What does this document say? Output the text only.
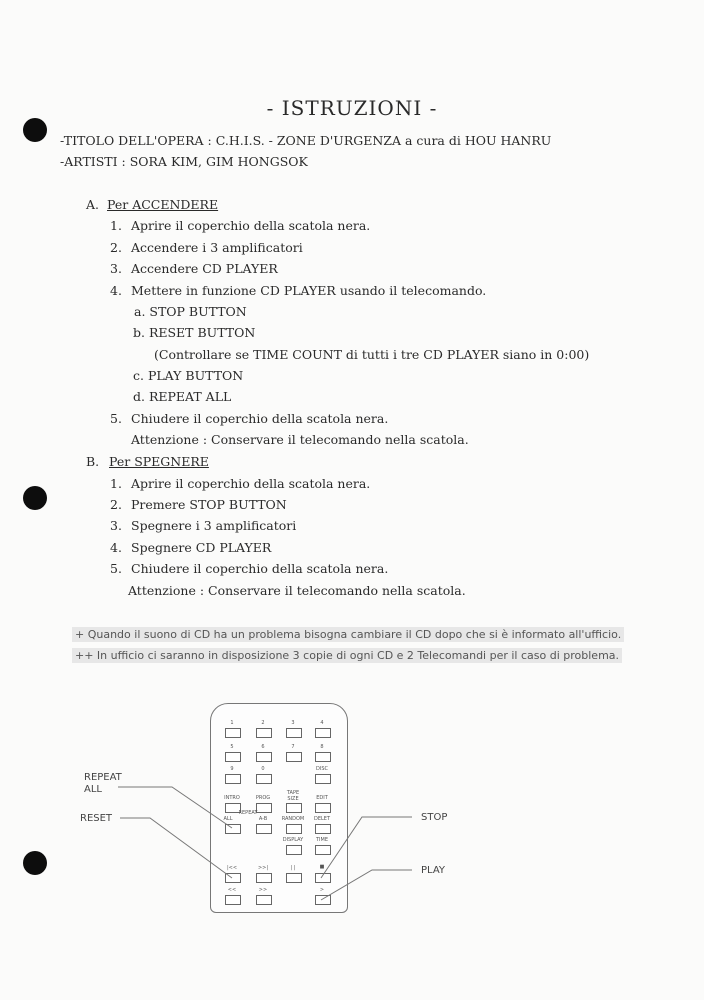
- ISTRUZIONI -
-TITOLO DELL'OPERA : C.H.I.S. - ZONE D'URGENZA a cura di HOU HANRU
-ARTISTI : SORA KIM, GIM HONGSOK
A. Per ACCENDERE
1. Aprire il coperchio della scatola nera.
2. Accendere i 3 amplificatori
3. Accendere CD PLAYER
4. Mettere in funzione CD PLAYER usando il telecomando.
a. STOP BUTTON
b. RESET BUTTON
(Controllare se TIME COUNT di tutti i tre CD PLAYER siano in 0:00)
c. PLAY BUTTON
d. REPEAT ALL
5. Chiudere il coperchio della scatola nera.
Attenzione : Conservare il telecomando nella scatola.
B. Per SPEGNERE
1. Aprire il coperchio della scatola nera.
2. Premere STOP BUTTON
3. Spegnere i 3 amplificatori
4. Spegnere CD PLAYER
5. Chiudere il coperchio della scatola nera.
Attenzione : Conservare il telecomando nella scatola.
+ Quando il suono di CD ha un problema bisogna cambiare il CD dopo che si è informato all'ufficio.
++ In ufficio ci saranno in disposizione 3 copie di ogni CD e 2 Telecomandi per il caso di problema.
1	2	3	4
5	6	7	8
9	0	DISC
INTRO	PROG
TAPE SIZE	EDIT
REPEAT
ALL	A-B	RANDOM	DELET
DISPLAY	TIME
|<<	>>|	| |	■
<<	>>	>
REPEAT ALL
RESET	STOP
PLAY
